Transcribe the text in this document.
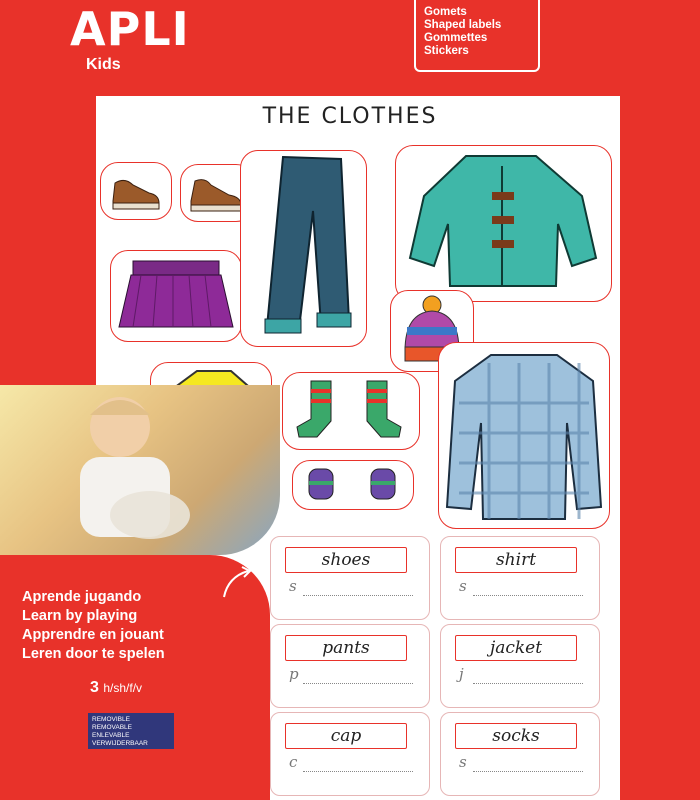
APLI
Kids
Gomets
Shaped labels
Gommettes
Stickers
THE CLOTHES
Aprende jugando
Learn by playing
Apprendre en jouant
Leren door te spelen
3 h/sh/f/v
REMOVIBLE
REMOVABLE
ENLEVABLE
VERWIJDERBAAR
shoes
s
shirt
s
pants
p
jacket
j
cap
c
socks
s
